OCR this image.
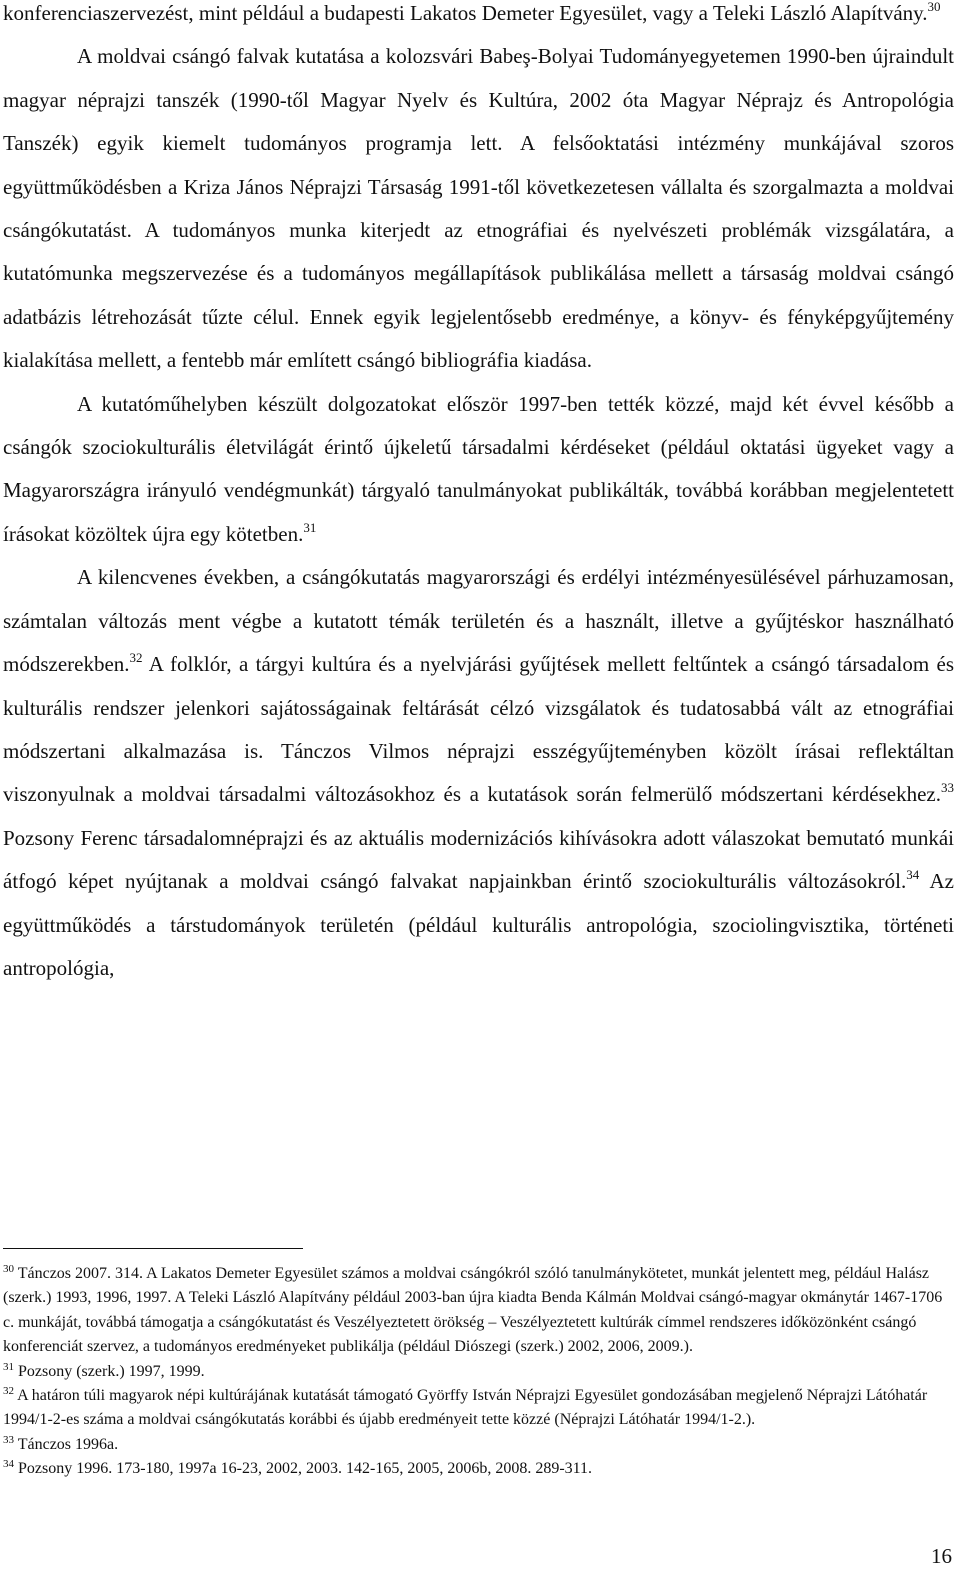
konferenciaszervezést, mint például a budapesti Lakatos Demeter Egyesület, vagy a Teleki László Alapítvány.$^{30}$

A moldvai csángó falvak kutatása a kolozsvári Babeş-Bolyai Tudományegyetemen 1990-ben újraindult magyar néprajzi tanszék (1990-től Magyar Nyelv és Kultúra, 2002 óta Magyar Néprajz és Antropológia Tanszék) egyik kiemelt tudományos programja lett. A felsőoktatási intézmény munkájával szoros együttműködésben a Kriza János Néprajzi Társaság 1991-től következetesen vállalta és szorgalmazta a moldvai csángókutatást. A tudományos munka kiterjedt az etnográfiai és nyelvészeti problémák vizsgálatára, a kutatómunka megszervezése és a tudományos megállapítások publikálása mellett a társaság moldvai csángó adatbázis létrehozását tűzte célul. Ennek egyik legjelentősebb eredménye, a könyv- és fényképgyűjtemény kialakítása mellett, a fentebb már említett csángó bibliográfia kiadása.

A kutatóműhelyben készült dolgozatokat először 1997-ben tették közzé, majd két évvel később a csángók szociokulturális életvilágát érintő újkeletű társadalmi kérdéseket (például oktatási ügyeket vagy a Magyarországra irányuló vendégmunkát) tárgyaló tanulmányokat publikálták, továbbá korábban megjelentetett írásokat közöltek újra egy kötetben.$^{31}$

A kilencvenes években, a csángókutatás magyarországi és erdélyi intézményesülésével párhuzamosan, számtalan változás ment végbe a kutatott témák területén és a használt, illetve a gyűjtéskor használható módszerekben.$^{32}$ A folklór, a tárgyi kultúra és a nyelvjárási gyűjtések mellett feltűntek a csángó társadalom és kulturális rendszer jelenkori sajátosságainak feltárását célzó vizsgálatok és tudatosabbá vált az etnográfiai módszertani alkalmazása is. Tánczos Vilmos néprajzi esszégyűjteményben közölt írásai reflektáltan viszonyulnak a moldvai társadalmi változásokhoz és a kutatások során felmerülő módszertani kérdésekhez.$^{33}$ Pozsony Ferenc társadalomnéprajzi és az aktuális modernizációs kihívásokra adott válaszokat bemutató munkái átfogó képet nyújtanak a moldvai csángó falvakat napjainkban érintő szociokulturális változásokról.$^{34}$ Az együttműködés a társtudományok területén (például kulturális antropológia, szociolingvisztika, történeti antropológia,

$^{30}$ Tánczos 2007. 314. A Lakatos Demeter Egyesület számos a moldvai csángókról szóló tanulmánykötetet, munkát jelentett meg, például Halász (szerk.) 1993, 1996, 1997. A Teleki László Alapítvány például 2003-ban újra kiadta Benda Kálmán Moldvai csángó-magyar okmánytár 1467-1706 c. munkáját, továbbá támogatja a csángókutatást és Veszélyeztetett örökség – Veszélyeztetett kultúrák címmel rendszeres időközönként csángó konferenciát szervez, a tudományos eredményeket publikálja (például Diószegi (szerk.) 2002, 2006, 2009.).

$^{31}$ Pozsony (szerk.) 1997, 1999.

$^{32}$ A határon túli magyarok népi kultúrájának kutatását támogató Györffy István Néprajzi Egyesület gondozásában megjelenő Néprajzi Látóhatár 1994/1-2-es száma a moldvai csángókutatás korábbi és újabb eredményeit tette közzé (Néprajzi Látóhatár 1994/1-2.).

$^{33}$ Tánczos 1996a.

$^{34}$ Pozsony 1996. 173-180, 1997a 16-23, 2002, 2003. 142-165, 2005, 2006b, 2008. 289-311.

16
